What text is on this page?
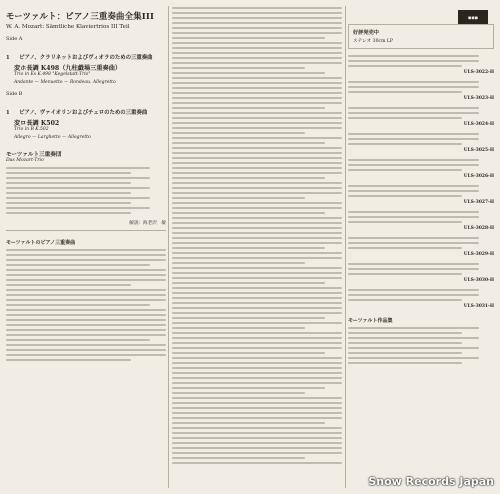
モーツァルト：ピアノ三重奏曲全集III
W. A. Mozart: Sämtliche Klaviertrios III Teil
Side A
1 ピアノ、クラリネットおよびヴィオラのための三重奏曲
変ホ長調 K498（九柱戯場三重奏曲）
Trio in Es K.498 "Kegelstatt-Trio"
Andante — Menuetto — Rondeau. Allegretto
Side B
1 ピアノ、ヴァイオリンおよびチェロのための三重奏曲
変ロ長調 K502
Trio in B K.502
Allegro — Larghetto — Allegretto
モーツァルト三重奏団
Das Mozart-Trio
解説：海老沢　敏
モーツァルトのピアノ三重奏曲
◼◼◼
好評発売中
ステレオ 30cm LP
ULS-3022-H
ULS-3023-H
ULS-3024-H
ULS-3025-H
ULS-3026-H
ULS-3027-H
ULS-3028-H
ULS-3029-H
ULS-3030-H
ULS-3031-H
モーツァルト作品集
Snow Records Japan
